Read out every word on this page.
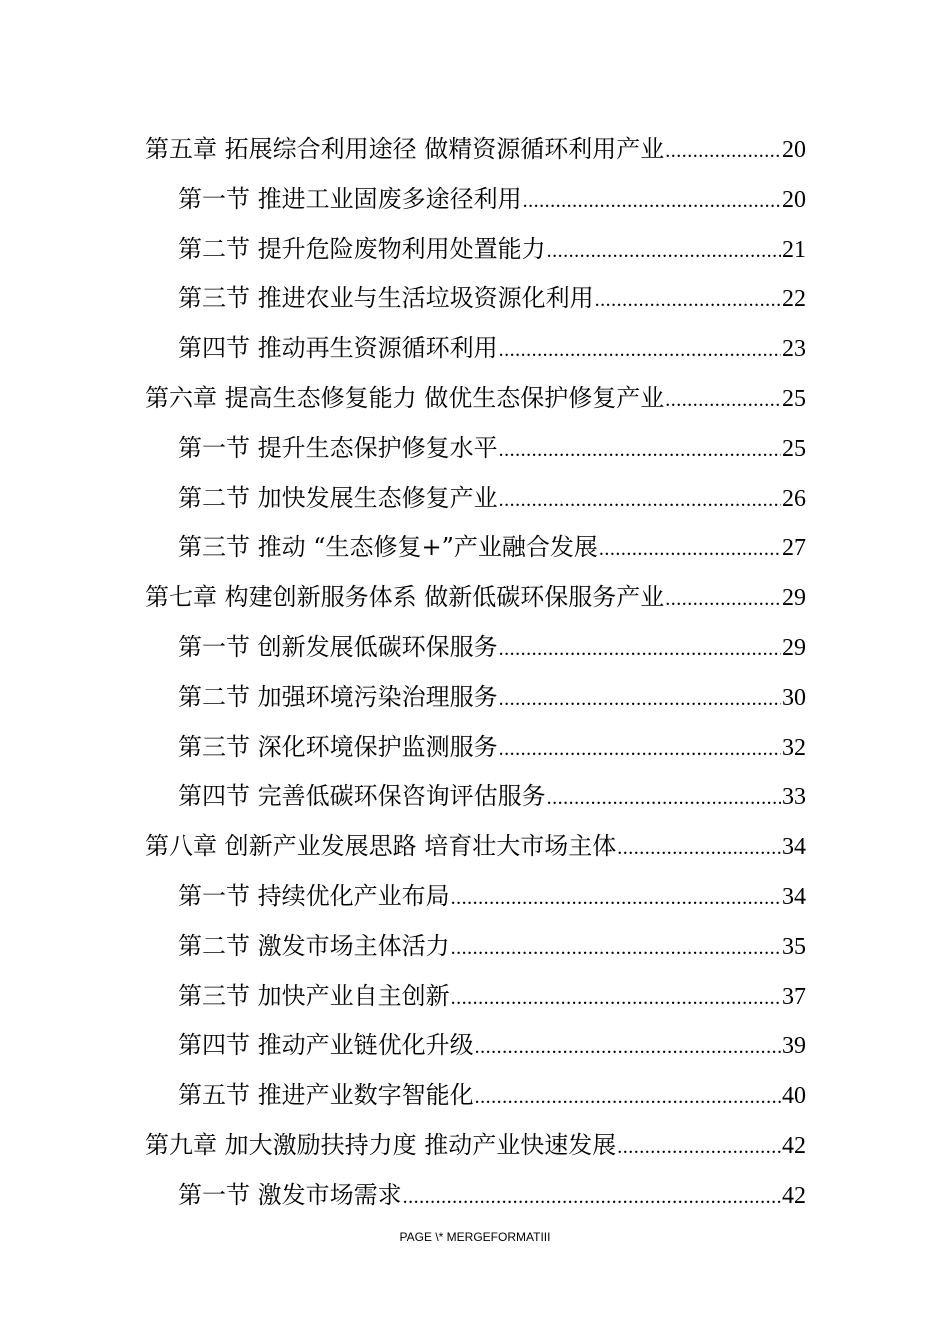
第五章 拓展综合利用途径 做精资源循环利用产业 .....	20
第一节 推进工业固废多途径利用 .....	20
第二节 提升危险废物利用处置能力 .....	21
第三节 推进农业与生活垃圾资源化利用 .....	22
第四节 推动再生资源循环利用 .....	23
第六章 提高生态修复能力 做优生态保护修复产业 .....	25
第一节 提升生态保护修复水平 .....	25
第二节 加快发展生态修复产业 .....	26
第三节 推动 “生态修复+”产业融合发展 .....	27
第七章 构建创新服务体系 做新低碳环保服务产业 .....	29
第一节 创新发展低碳环保服务 .....	29
第二节 加强环境污染治理服务 .....	30
第三节 深化环境保护监测服务 .....	32
第四节 完善低碳环保咨询评估服务 .....	33
第八章 创新产业发展思路 培育壮大市场主体 .....	34
第一节 持续优化产业布局 .....	34
第二节 激发市场主体活力 .....	35
第三节 加快产业自主创新 .....	37
第四节 推动产业链优化升级 .....	39
第五节 推进产业数字智能化 .....	40
第九章 加大激励扶持力度 推动产业快速发展 .....	42
第一节 激发市场需求 .....	42
PAGE \* MERGEFORMATIII
